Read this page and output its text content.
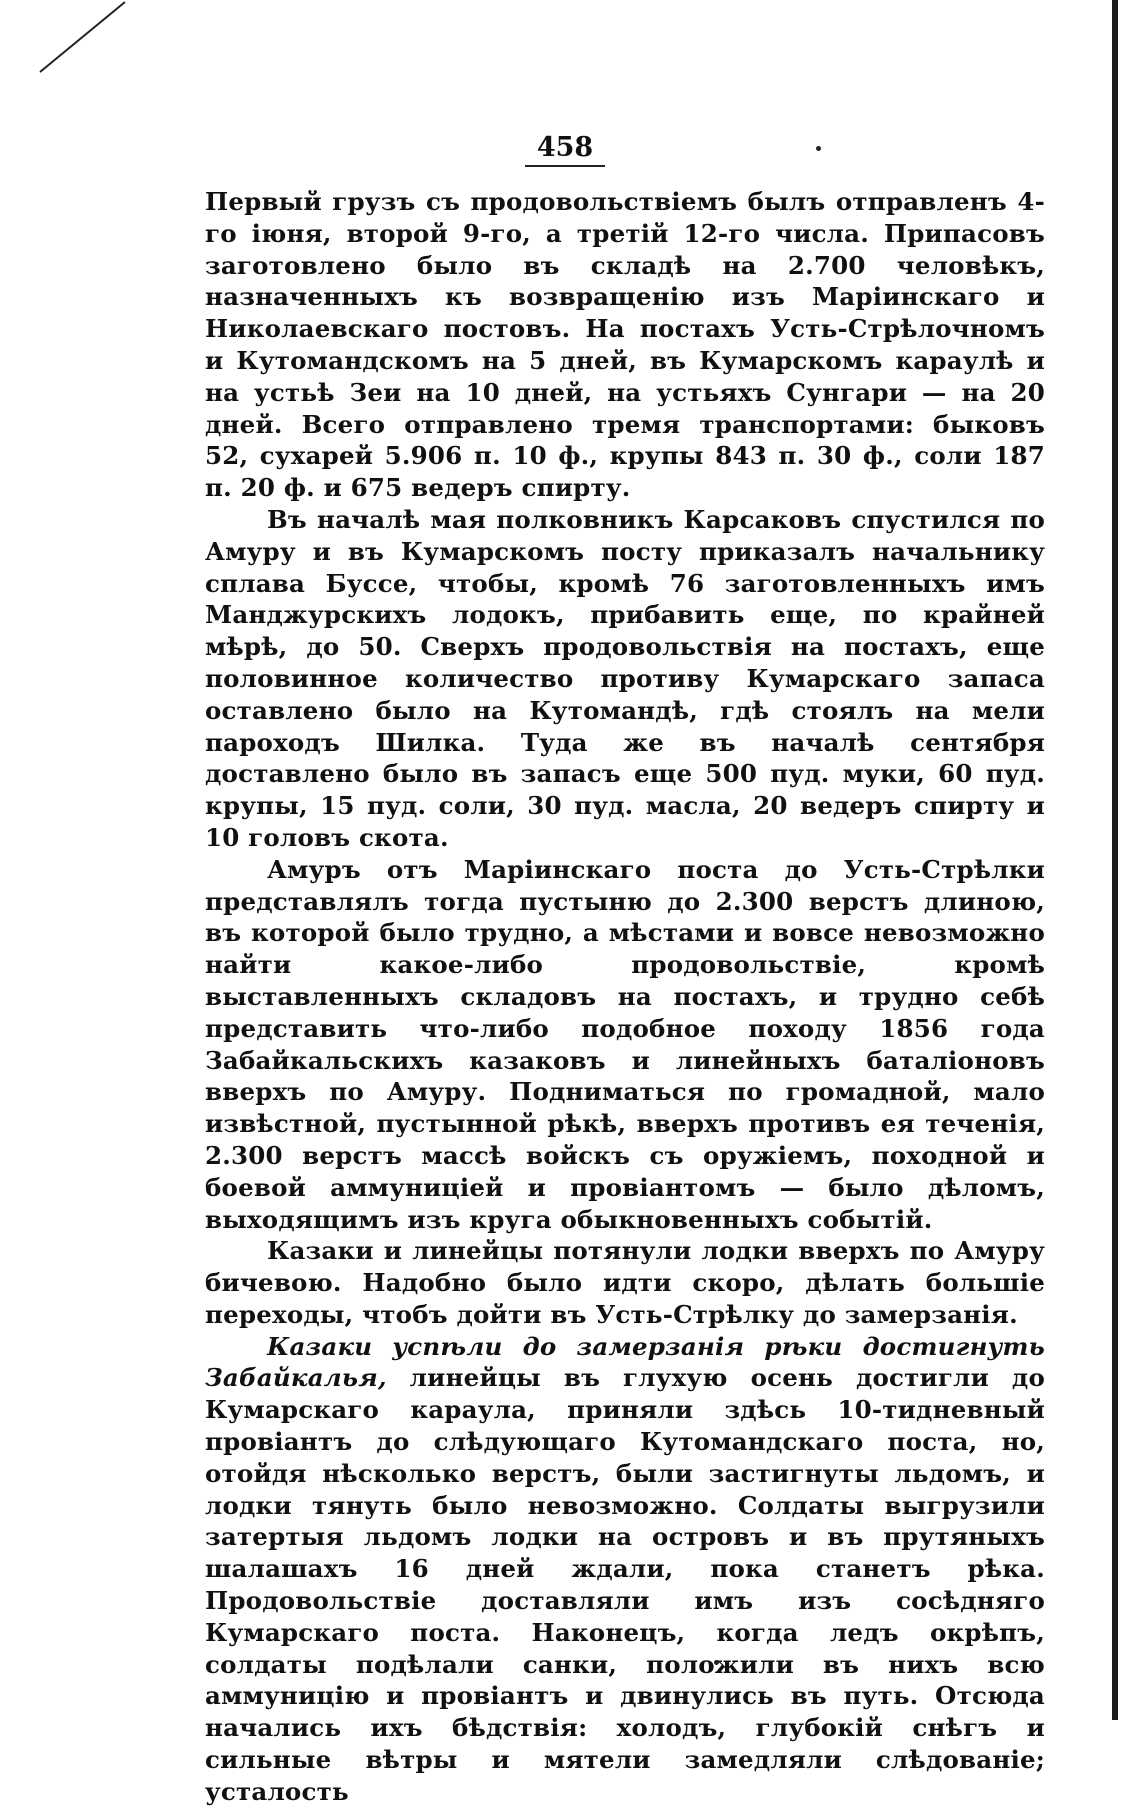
458

Первый грузъ съ продовольствіемъ былъ отправленъ 4-го іюня, второй 9-го, а третій 12-го числа. Припасовъ заготовлено было въ складѣ на 2.700 человѣкъ, назначенныхъ къ возвращенію изъ Маріинскаго и Николаевскаго постовъ. На постахъ Усть-Стрѣлочномъ и Кутомандскомъ на 5 дней, въ Кумарскомъ караулѣ и на устьѣ Зеи на 10 дней, на устьяхъ Сунгари — на 20 дней. Всего отправлено тремя транспортами: быковъ 52, сухарей 5.906 п. 10 ф., крупы 843 п. 30 ф., соли 187 п. 20 ф. и 675 ведеръ спирту.

Въ началѣ мая полковникъ Карсаковъ спустился по Амуру и въ Кумарскомъ посту приказалъ начальнику сплава Буссе, чтобы, кромѣ 76 заготовленныхъ имъ Манджурскихъ лодокъ, прибавить еще, по крайней мѣрѣ, до 50. Сверхъ продовольствія на постахъ, еще половинное количество противу Кумарскаго запаса оставлено было на Кутомандѣ, гдѣ стоялъ на мели пароходъ Шилка. Туда же въ началѣ сентября доставлено было въ запасъ еще 500 пуд. муки, 60 пуд. крупы, 15 пуд. соли, 30 пуд. масла, 20 ведеръ спирту и 10 головъ скота.

Амуръ отъ Маріинскаго поста до Усть-Стрѣлки представлялъ тогда пустыню до 2.300 верстъ длиною, въ которой было трудно, а мѣстами и вовсе невозможно найти какое-либо продовольствіе, кромѣ выставленныхъ складовъ на постахъ, и трудно себѣ представить что-либо подобное походу 1856 года Забайкальскихъ казаковъ и линейныхъ баталіоновъ вверхъ по Амуру. Подниматься по громадной, мало извѣстной, пустынной рѣкѣ, вверхъ противъ ея теченія, 2.300 верстъ массѣ войскъ съ оружіемъ, походной и боевой аммуниціей и провіантомъ — было дѣломъ, выходящимъ изъ круга обыкновенныхъ событій.

Казаки и линейцы потянули лодки вверхъ по Амуру бичевою. Надобно было идти скоро, дѣлать большіе переходы, чтобъ дойти въ Усть-Стрѣлку до замерзанія.

Казаки успѣли до замерзанія рѣки достигнуть Забайкалья, линейцы въ глухую осень достигли до Кумарскаго караула, приняли здѣсь 10-тидневный провіантъ до слѣдующаго Кутомандскаго поста, но, отойдя нѣсколько верстъ, были застигнуты льдомъ, и лодки тянуть было невозможно. Солдаты выгрузили затертыя льдомъ лодки на островъ и въ прутяныхъ шалашахъ 16 дней ждали, пока станетъ рѣка. Продовольствіе доставляли имъ изъ сосѣдняго Кумарскаго поста. Наконецъ, когда ледъ окрѣпъ, солдаты подѣлали санки, положили въ нихъ всю аммуницію и провіантъ и двинулись въ путь. Отсюда начались ихъ бѣдствія: холодъ, глубокій снѣгъ и сильные вѣтры и мятели замедляли слѣдованіе; усталость
